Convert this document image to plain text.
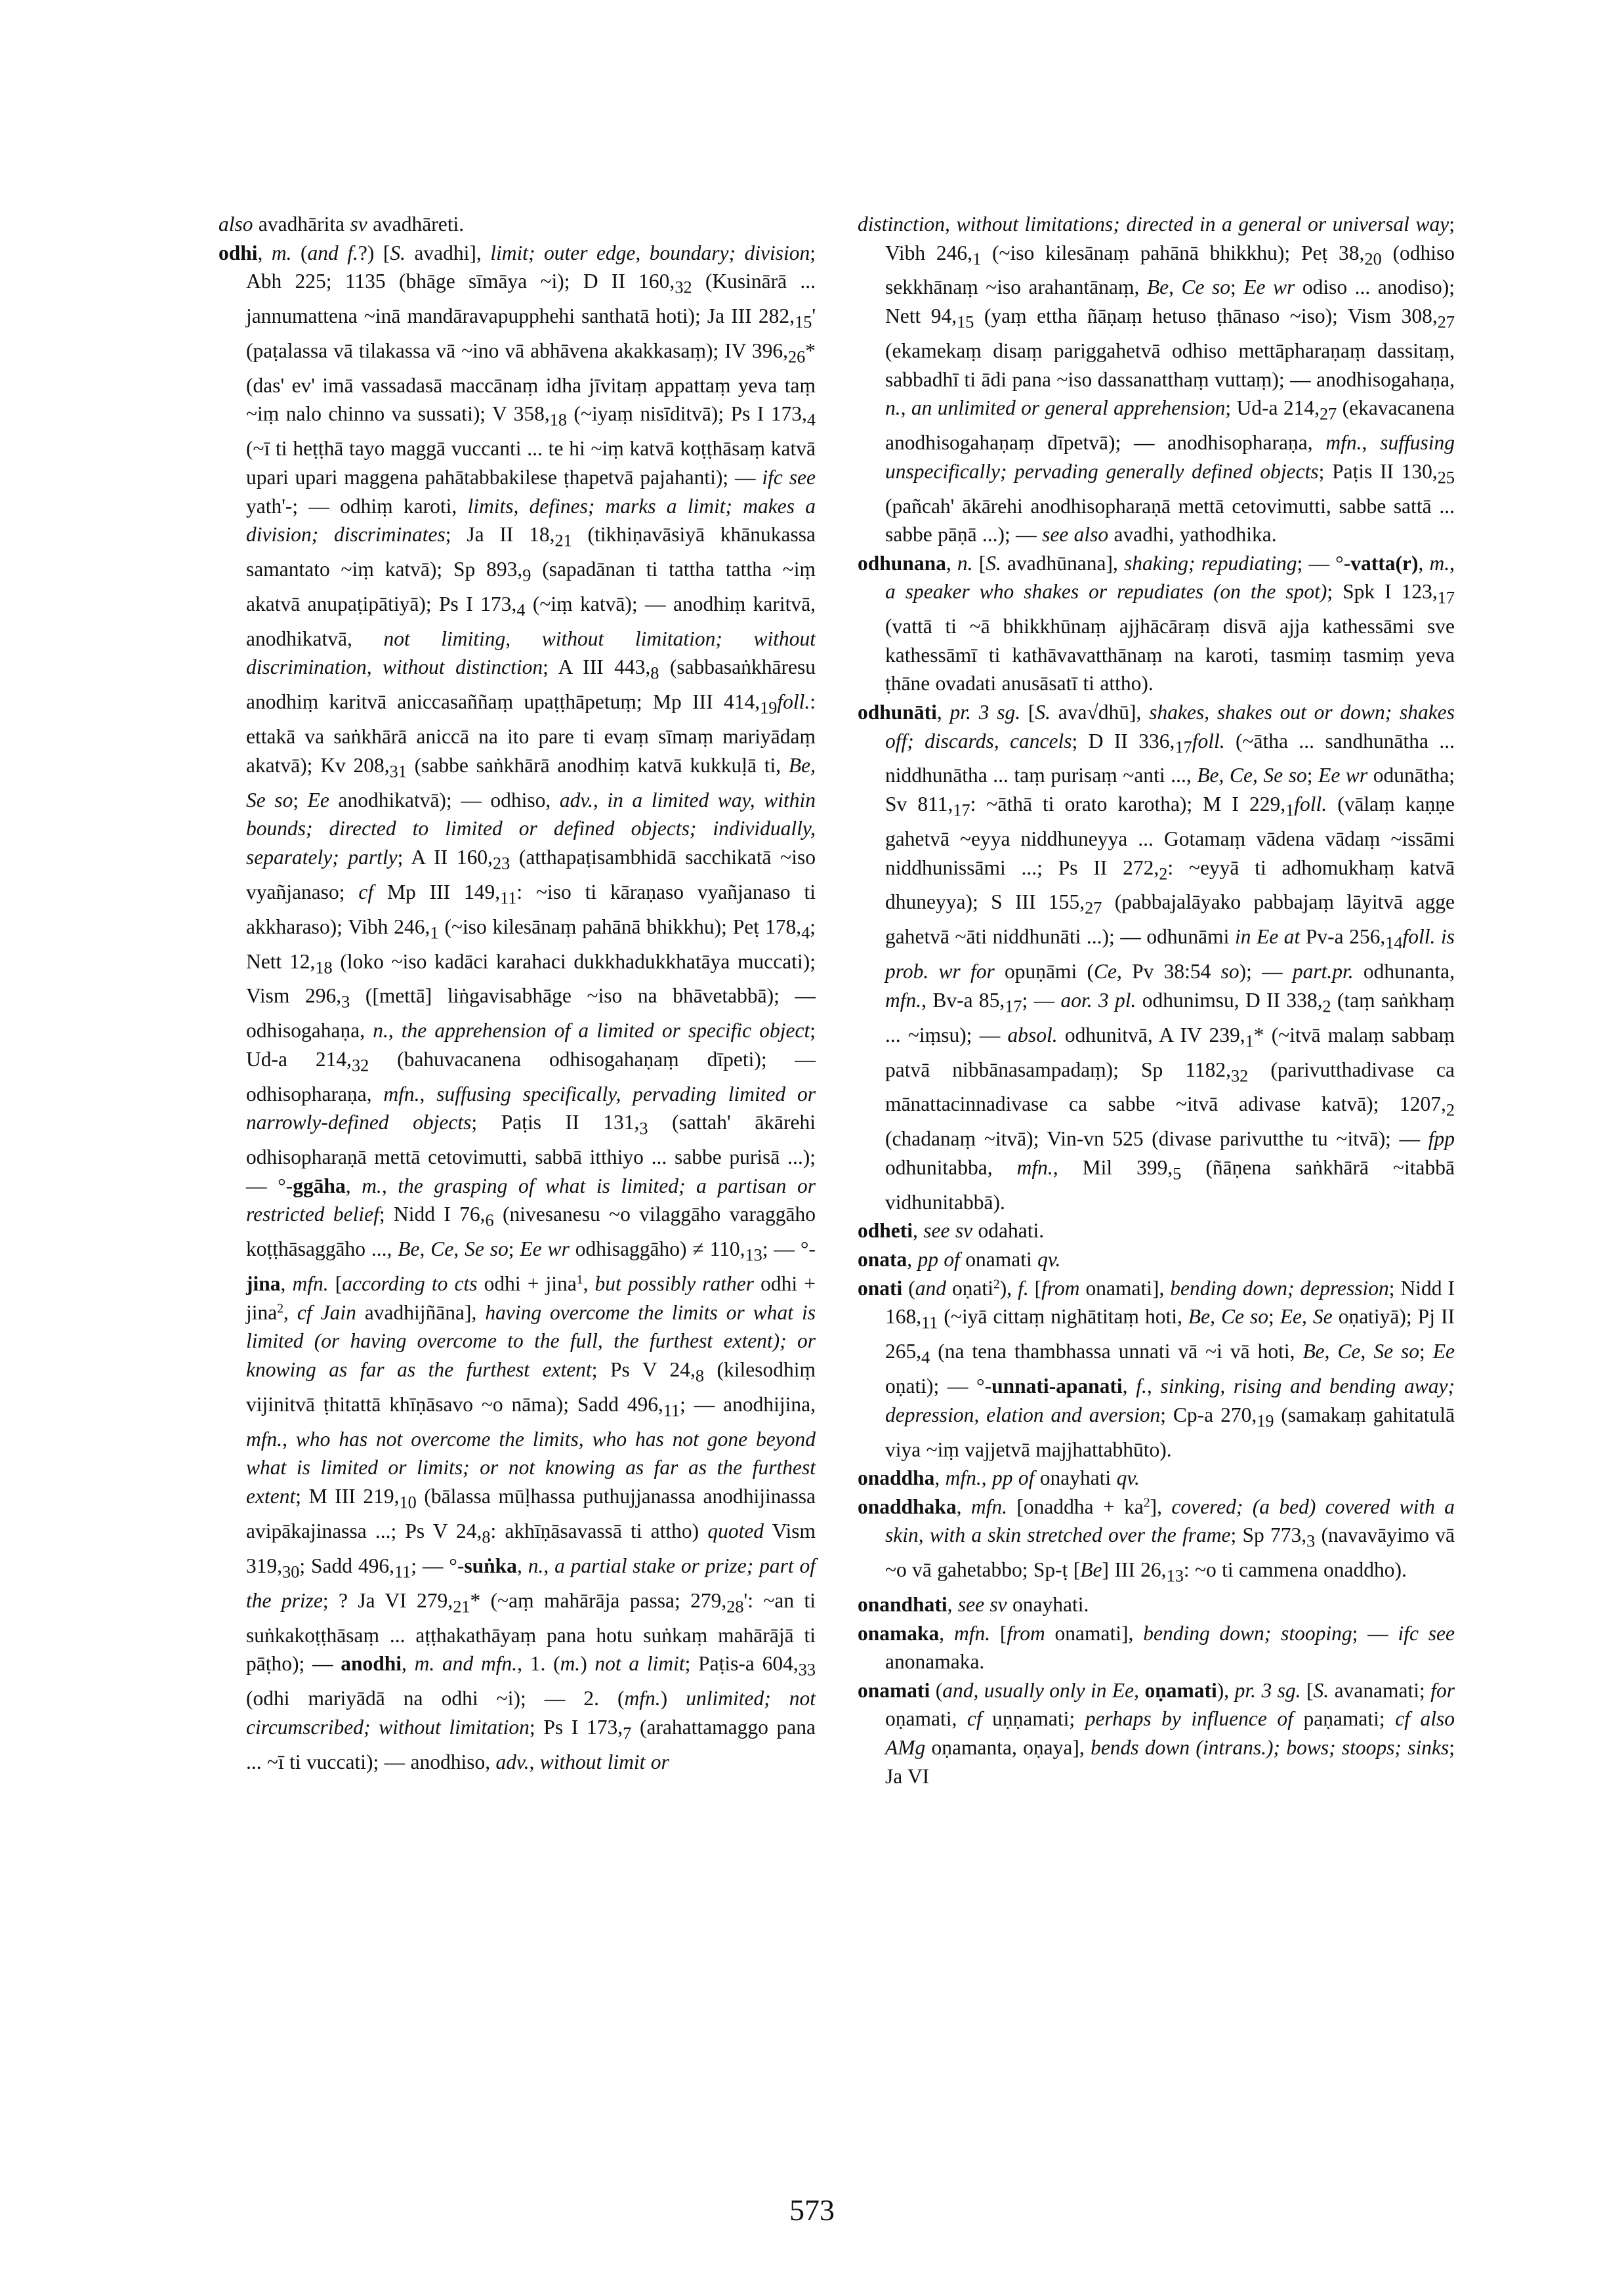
also avadhārita sv avadhāreti.

odhi, m. (and f.?) [S. avadhi], limit; outer edge, boundary; division; Abh 225; 1135 (bhāge sīmāya ~i); D II $160,_{32}$ (Kusinārā ... jannumattena ~inā mandāravapupphehi santhatā hoti); Ja III $282,_{15}'$ (paṭalassa vā tilakassa vā ~ino vā abhāvena akakkasaṃ); IV $396,_{26}*$ (das' ev' imā vassadasā maccānaṃ idha jīvitaṃ appattaṃ yeva taṃ ~iṃ nalo chinno va sussati); V $358,_{18}$ (~iyaṃ nisīditvā); Ps I $173,_4$ (~ī ti heṭṭhā tayo maggā vuccanti ... te hi ~iṃ katvā koṭṭhāsaṃ katvā upari upari maggena pahātabbakilese ṭhapetvā pajahanti); — ifc see yath'-; — odhiṃ karoti, limits, defines; marks a limit; makes a division; discriminates; Ja II $18,_{21}$ (tikhiṇavāsiyā khānukassa samantato ~iṃ katvā); Sp $893,_9$ (sapadānan ti tattha tattha ~iṃ akatvā anupaṭipātiyā); Ps I $173,_4$ (~iṃ katvā); — anodhiṃ karitvā, anodhikatvā, not limiting, without limitation; without discrimination, without distinction; A III $443,_8$ (sabbasaṅkhāresu anodhiṃ karitvā aniccasaññaṃ upaṭṭhāpetuṃ; Mp III $414,_{19}foll$.: ettakā va saṅkhārā aniccā na ito pare ti evaṃ sīmaṃ mariyādaṃ akatvā); Kv $208,_{31}$ (sabbe saṅkhārā anodhiṃ katvā kukkuḷā ti, Be, Se so; Ee anodhikatvā); — odhiso, adv., in a limited way, within bounds; directed to limited or defined objects; individually, separately; partly; A II $160,_{23}$ (atthapaṭisambhidā sacchikatā ~iso vyañjanaso; cf Mp III $149,_{11}$: ~iso ti kāraṇaso vyañjanaso ti akkharaso); Vibh $246,_1$ (~iso kilesānaṃ pahānā bhikkhu); Peṭ $178,_4$; Nett $12,_{18}$ (loko ~iso kadāci karahaci dukkhadukkhatāya muccati); Vism $296,_3$ ([mettā] liṅgavisabhāge ~iso na bhāvetabbā); — odhisogahaṇa, n., the apprehension of a limited or specific object; Ud-a $214,_{32}$ (bahuvacanena odhisogahaṇaṃ dīpeti); — odhisopharaṇa, mfn., suffusing specifically, pervading limited or narrowly-defined objects; Paṭis II $131,_3$ (sattah' ākārehi odhisopharaṇā mettā cetovimutti, sabbā itthiyo ... sabbe purisā ...); — °-ggāha, m., the grasping of what is limited; a partisan or restricted belief; Nidd I $76,_6$ (nivesanesu ~o vilaggāho varaggāho koṭṭhāsaggāho ..., Be, Ce, Se so; Ee wr odhisaggāho) ≠ $110,_{13}$; — °-jina, mfn. [according to cts odhi + jina$^1$, but possibly rather odhi + jina$^2$, cf Jain avadhijñāna], having overcome the limits or what is limited (or having overcome to the full, the furthest extent); or knowing as far as the furthest extent; Ps V $24,_8$ (kilesodhiṃ vijinitvā ṭhitattā khīṇāsavo ~o nāma); Sadd $496,_{11}$; — anodhijina, mfn., who has not overcome the limits, who has not gone beyond what is limited or limits; or not knowing as far as the furthest extent; M III $219,_{10}$ (bālassa mūḷhassa puthujjanassa anodhijinassa avipākajinassa ...; Ps V $24,_8$: akhīṇāsavassā ti attho) quoted Vism $319,_{30}$; Sadd $496,_{11}$; — °-suṅka, n., a partial stake or prize; part of the prize; ? Ja VI $279,_{21}*$ (~aṃ mahārāja passa; $279,_{28}'$: ~an ti suṅkakoṭṭhāsaṃ ... aṭṭhakathāyaṃ pana hotu suṅkaṃ mahārājā ti pāṭho); — anodhi, m. and mfn., 1. (m.) not a limit; Paṭis-a $604,_{33}$ (odhi mariyādā na odhi ~i); — 2. (mfn.) unlimited; not circumscribed; without limitation; Ps I $173,_7$ (arahattamaggo pana ... ~ī ti vuccati); — anodhiso, adv., without limit or

distinction, without limitations; directed in a general or universal way; Vibh $246,_1$ (~iso kilesānaṃ pahānā bhikkhu); Peṭ $38,_{20}$ (odhiso sekkhānaṃ ~iso arahantānaṃ, Be, Ce so; Ee wr odiso ... anodiso); Nett $94,_{15}$ (yaṃ ettha ñāṇaṃ hetuso ṭhānaso ~iso); Vism $308,_{27}$ (ekamekaṃ disaṃ pariggahetvā odhiso mettāpharaṇaṃ dassitaṃ, sabbadhī ti ādi pana ~iso dassanatthaṃ vuttaṃ); — anodhisogahaṇa, n., an unlimited or general apprehension; Ud-a $214,_{27}$ (ekavacanena anodhisogahaṇaṃ dīpetvā); — anodhisopharaṇa, mfn., suffusing unspecifically; pervading generally defined objects; Paṭis II $130,_{25}$ (pañcah' ākārehi anodhisopharaṇā mettā cetovimutti, sabbe sattā ... sabbe pāṇā ...); — see also avadhi, yathodhika.

odhunana, n. [S. avadhūnana], shaking; repudiating; — °-vatta(r), m., a speaker who shakes or repudiates (on the spot); Spk I $123,_{17}$ (vattā ti ~ā bhikkhūnaṃ ajjhācāraṃ disvā ajja kathessāmi sve kathessāmī ti kathāvavatthānaṃ na karoti, tasmiṃ tasmiṃ yeva ṭhāne ovadati anusāsatī ti attho).

odhunāti, pr. 3 sg. [S. ava√dhū], shakes, shakes out or down; shakes off; discards, cancels; D II $336,_{17}foll$. (~ātha ... sandhunātha ... niddhunātha ... taṃ purisaṃ ~anti ..., Be, Ce, Se so; Ee wr odunātha; Sv $811,_{17}$: ~āthā ti orato karotha); M I $229,_1foll$. (vālaṃ kaṇṇe gahetvā ~eyya niddhuneyya ... Gotamaṃ vādena vādaṃ ~issāmi niddhunissāmi ...; Ps II $272,_2$: ~eyyā ti adhomukhaṃ katvā dhuneyya); S III $155,_{27}$ (pabbajalāyako pabbajaṃ lāyitvā agge gahetvā ~āti niddhunāti ...); — odhunāmi in Ee at Pv-a $256,_{14}foll$. is prob. wr for opuṇāmi (Ce, Pv 38:54 so); — part.pr. odhunanta, mfn., Bv-a $85,_{17}$; — aor. 3 pl. odhunimsu, D II $338,_2$ (taṃ saṅkhaṃ ... ~iṃsu); — absol. odhunitvā, A IV $239,_1*$ (~itvā malaṃ sabbaṃ patvā nibbānasampadaṃ); Sp $1182,_{32}$ (parivutthadivase ca mānattacinnadivase ca sabbe ~itvā adivase katvā); $1207,_2$ (chadanaṃ ~itvā); Vin-vn 525 (divase parivutthe tu ~itvā); — fpp odhunitabba, mfn., Mil $399,_5$ (ñāṇena saṅkhārā ~itabbā vidhunitabbā).

odheti, see sv odahati.

onata, pp of onamati qv.

onati (and oṇati$^2$), f. [from onamati], bending down; depression; Nidd I $168,_{11}$ (~iyā cittaṃ nighātitaṃ hoti, Be, Ce so; Ee, Se oṇatiyā); Pj II $265,_4$ (na tena thambhassa unnati vā ~i vā hoti, Be, Ce, Se so; Ee oṇati); — °-unnati-apanati, f., sinking, rising and bending away; depression, elation and aversion; Cp-a $270,_{19}$ (samakaṃ gahitatulā viya ~iṃ vajjetvā majjhattabhūto).

onaddha, mfn., pp of onayhati qv.

onaddhaka, mfn. [onaddha + $ka^2$], covered; (a bed) covered with a skin, with a skin stretched over the frame; Sp $773,_3$ (navavāyimo vā ~o vā gahetabbo; Sp-ṭ [Be] III $26,_{13}$: ~o ti cammena onaddho).

onandhati, see sv onayhati.

onamaka, mfn. [from onamati], bending down; stooping; — ifc see anonamaka.

onamati (and, usually only in Ee, oṇamati), pr. 3 sg. [S. avanamati; for oṇamati, cf uṇṇamati; perhaps by influence of paṇamati; cf also AMg oṇamanta, oṇaya], bends down (intrans.); bows; stoops; sinks; Ja VI

573
